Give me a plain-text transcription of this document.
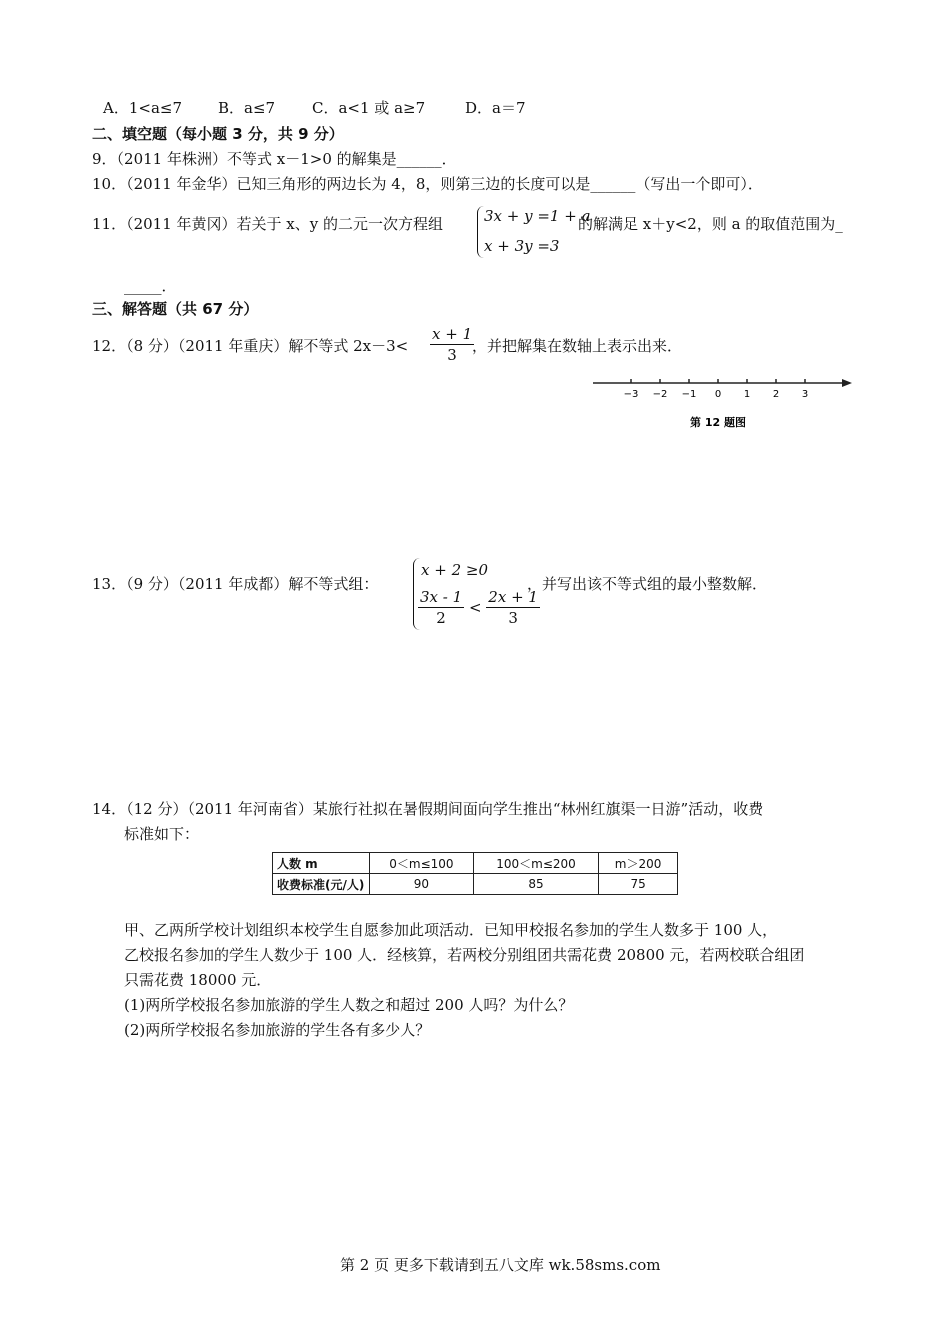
A．1<a≤7 B．a≤7 C．a<1 或 a≥7	D．a＝7
二、填空题（每小题 3 分，共 9 分）
9．（2011 年株洲）不等式 x－1>0 的解集是______．
10．（2011 年金华）已知三角形的两边长为 4，8，则第三边的长度可以是______（写出一个即可）．
11．（2011 年黄冈）若关于 x、y 的二元一次方程组	3x + y =1 + a
x + 3y =3
的解满足 x＋y<2，则 a 的取值范围为_
_____．
三、解答题（共 67 分）
12．（8 分）（2011 年重庆）解不等式 $2x-3< \frac{x + 1}{3}$
，并把解集在数轴上表示出来．
−3 −2 −1 0 1 2 3
第 12 题图
13．（9 分）（2011 年成都）解不等式组：
x + 2 ≥0
$\frac{3x - 1}{2} < \frac{2x + 1}{3}$
，并写出该不等式组的最小整数解．
14．（12 分）（2011 年河南省）某旅行社拟在暑假期间面向学生推出“林州红旗渠一日游”活动，收费
标准如下：
人数 m	0＜m≤100	100＜m≤200	m＞200
收费标准(元/人)	90	85	75
甲、乙两所学校计划组织本校学生自愿参加此项活动．已知甲校报名参加的学生人数多于 100 人，
乙校报名参加的学生人数少于 100 人．经核算，若两校分别组团共需花费 20800 元，若两校联合组团
只需花费 18000 元．
(1)两所学校报名参加旅游的学生人数之和超过 200 人吗？为什么？
(2)两所学校报名参加旅游的学生各有多少人？
第 2 页 更多下载请到五八文库 wk.58sms.com
